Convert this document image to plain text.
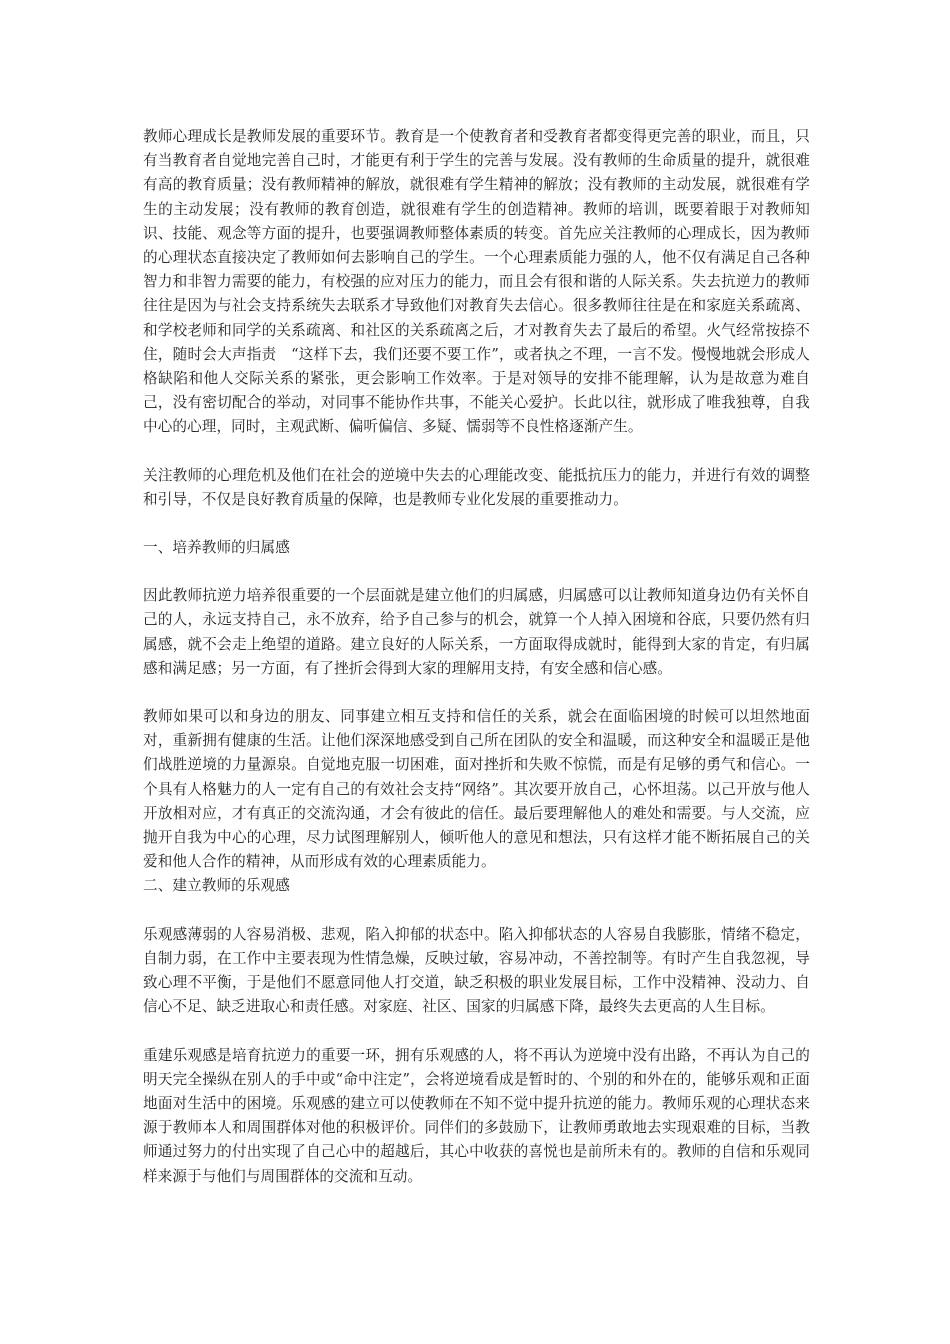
教师心理成长是教师发展的重要环节。教育是一个使教育者和受教育者都变得更完善的职业，而且，只有当教育者自觉地完善自己时，才能更有利于学生的完善与发展。没有教师的生命质量的提升，就很难有高的教育质量；没有教师精神的解放，就很难有学生精神的解放；没有教师的主动发展，就很难有学生的主动发展；没有教师的教育创造，就很难有学生的创造精神。教师的培训，既要着眼于对教师知识、技能、观念等方面的提升，也要强调教师整体素质的转变。首先应关注教师的心理成长，因为教师的心理状态直接决定了教师如何去影响自己的学生。一个心理素质能力强的人，他不仅有满足自己各种智力和非智力需要的能力，有校强的应对压力的能力，而且会有很和谐的人际关系。失去抗逆力的教师往往是因为与社会支持系统失去联系才导致他们对教育失去信心。很多教师往往是在和家庭关系疏离、和学校老师和同学的关系疏离、和社区的关系疏离之后，才对教育失去了最后的希望。火气经常按捺不住，随时会大声指责　“这样下去，我们还要不要工作”，或者执之不理，一言不发。慢慢地就会形成人格缺陷和他人交际关系的紧张，更会影响工作效率。于是对领导的安排不能理解，认为是故意为难自己，没有密切配合的举动，对同事不能协作共事，不能关心爱护。长此以往，就形成了唯我独尊，自我中心的心理，同时，主观武断、偏听偏信、多疑、懦弱等不良性格逐渐产生。

关注教师的心理危机及他们在社会的逆境中失去的心理能改变、能抵抗压力的能力，并进行有效的调整和引导，不仅是良好教育质量的保障，也是教师专业化发展的重要推动力。

一、培养教师的归属感

因此教师抗逆力培养很重要的一个层面就是建立他们的归属感，归属感可以让教师知道身边仍有关怀自己的人，永远支持自己，永不放弃，给予自己参与的机会，就算一个人掉入困境和谷底，只要仍然有归属感，就不会走上绝望的道路。建立良好的人际关系，一方面取得成就时，能得到大家的肯定，有归属感和满足感；另一方面，有了挫折会得到大家的理解用支持，有安全感和信心感。

教师如果可以和身边的朋友、同事建立相互支持和信任的关系，就会在面临困境的时候可以坦然地面对，重新拥有健康的生活。让他们深深地感受到自己所在团队的安全和温暖，而这种安全和温暖正是他们战胜逆境的力量源泉。自觉地克服一切困难，面对挫折和失败不惊慌，而是有足够的勇气和信心。一个具有人格魅力的人一定有自己的有效社会支持“网络”。其次要开放自己，心怀坦荡。以己开放与他人开放相对应，才有真正的交流沟通，才会有彼此的信任。最后要理解他人的难处和需要。与人交流，应抛开自我为中心的心理，尽力试图理解别人，倾听他人的意见和想法，只有这样才能不断拓展自己的关爱和他人合作的精神，从而形成有效的心理素质能力。

二、建立教师的乐观感

乐观感薄弱的人容易消极、悲观，陷入抑郁的状态中。陷入抑郁状态的人容易自我膨胀，情绪不稳定，自制力弱，在工作中主要表现为性情急燥，反映过敏，容易冲动，不善控制等。有时产生自我忽视，导致心理不平衡，于是他们不愿意同他人打交道，缺乏积极的职业发展目标，工作中没精神、没动力、自信心不足、缺乏进取心和责任感。对家庭、社区、国家的归属感下降，最终失去更高的人生目标。

重建乐观感是培育抗逆力的重要一环，拥有乐观感的人，将不再认为逆境中没有出路，不再认为自己的明天完全操纵在别人的手中或“命中注定”，会将逆境看成是暂时的、个别的和外在的，能够乐观和正面地面对生活中的困境。乐观感的建立可以使教师在不知不觉中提升抗逆的能力。教师乐观的心理状态来源于教师本人和周围群体对他的积极评价。同伴们的多鼓励下，让教师勇敢地去实现艰难的目标，当教师通过努力的付出实现了自己心中的超越后，其心中收获的喜悦也是前所未有的。教师的自信和乐观同样来源于与他们与周围群体的交流和互动。
